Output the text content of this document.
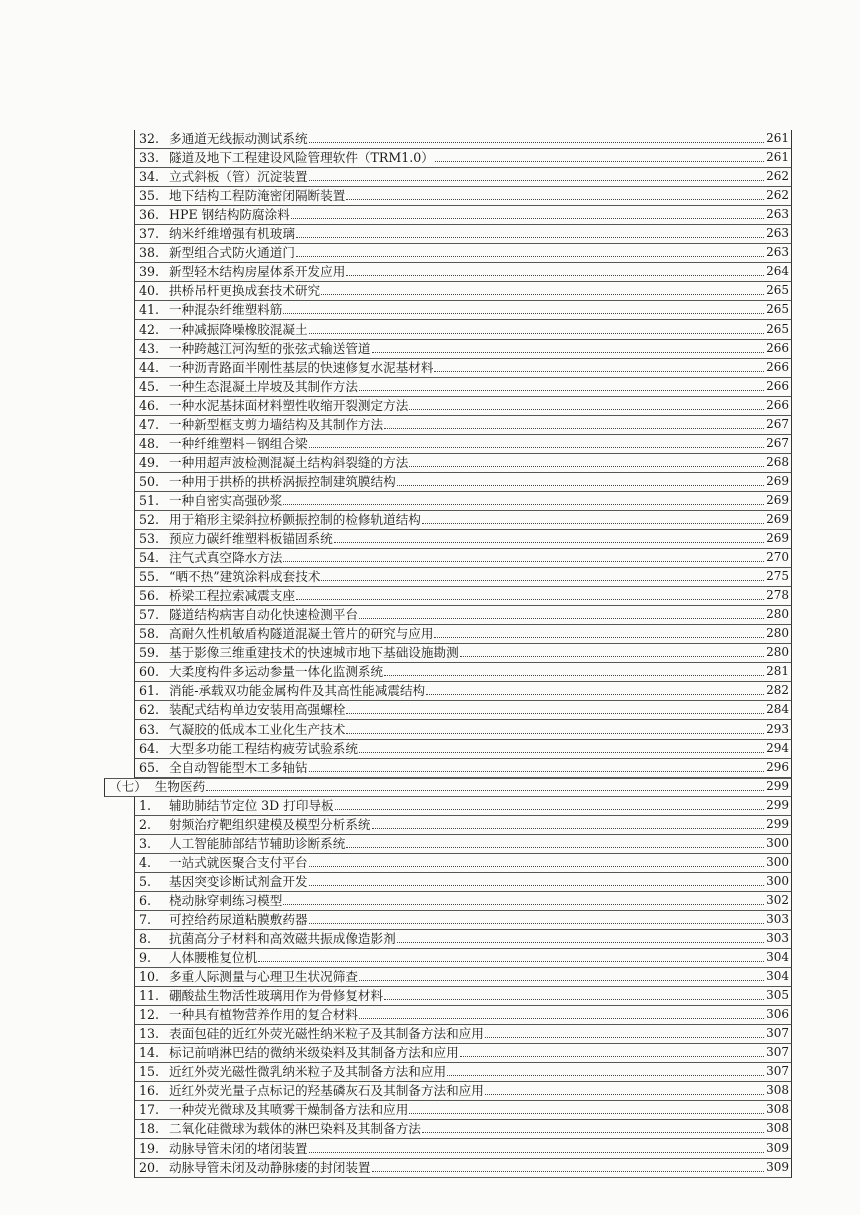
32. 多通道无线振动测试系统	261
33. 隧道及地下工程建设风险管理软件（TRM1.0）	261
34. 立式斜板（管）沉淀装置	262
35. 地下结构工程防淹密闭隔断装置	262
36. HPE 钢结构防腐涂料	263
37. 纳米纤维增强有机玻璃	263
38. 新型组合式防火通道门	263
39. 新型轻木结构房屋体系开发应用	264
40. 拱桥吊杆更换成套技术研究	265
41. 一种混杂纤维塑料筋	265
42. 一种减振降噪橡胶混凝土	265
43. 一种跨越江河沟堑的张弦式输送管道	266
44. 一种沥青路面半刚性基层的快速修复水泥基材料	266
45. 一种生态混凝土岸坡及其制作方法	266
46. 一种水泥基抹面材料塑性收缩开裂测定方法	266
47. 一种新型框支剪力墙结构及其制作方法	267
48. 一种纤维塑料－钢组合梁	267
49. 一种用超声波检测混凝土结构斜裂缝的方法	268
50. 一种用于拱桥的拱桥涡振控制建筑膜结构	269
51. 一种自密实高强砂浆	269
52. 用于箱形主梁斜拉桥颤振控制的检修轨道结构	269
53. 预应力碳纤维塑料板锚固系统	269
54. 注气式真空降水方法	270
55. “晒不热”建筑涂料成套技术	275
56. 桥梁工程拉索减震支座	278
57. 隧道结构病害自动化快速检测平台	280
58. 高耐久性机敏盾构隧道混凝土管片的研究与应用	280
59. 基于影像三维重建技术的快速城市地下基础设施勘测	280
60. 大柔度构件多运动参量一体化监测系统	281
61. 消能-承载双功能金属构件及其高性能减震结构	282
62. 装配式结构单边安装用高强螺栓	284
63. 气凝胶的低成本工业化生产技术	293
64. 大型多功能工程结构疲劳试验系统	294
65. 全自动智能型木工多轴钻	296
（七） 生物医药	299
1.	辅助肺结节定位 3D 打印导板	299
2.	射频治疗靶组织建模及模型分析系统	299
3.	人工智能肺部结节辅助诊断系统	300
4.	一站式就医聚合支付平台	300
5.	基因突变诊断试剂盒开发	300
6.	桡动脉穿刺练习模型	302
7.	可控给药尿道粘膜敷药器	303
8.	抗菌高分子材料和高效磁共振成像造影剂	303
9.	人体腰椎复位机	304
10. 多重人际测量与心理卫生状况筛查	304
11. 硼酸盐生物活性玻璃用作为骨修复材料	305
12. 一种具有植物营养作用的复合材料	306
13. 表面包硅的近红外荧光磁性纳米粒子及其制备方法和应用	307
14. 标记前哨淋巴结的微纳米级染料及其制备方法和应用	307
15. 近红外荧光磁性微乳纳米粒子及其制备方法和应用	307
16. 近红外荧光量子点标记的羟基磷灰石及其制备方法和应用	308
17. 一种荧光微球及其喷雾干燥制备方法和应用	308
18. 二氧化硅微球为载体的淋巴染料及其制备方法	308
19. 动脉导管未闭的堵闭装置	309
20. 动脉导管未闭及动静脉瘘的封闭装置	309
